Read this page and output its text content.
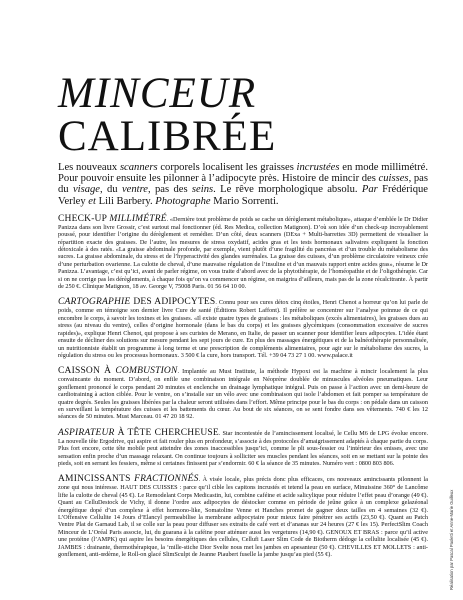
MINCEUR CALIBRÉE

Les nouveaux scanners corporels localisent les graisses incrustées en mode millimétré. Pour pouvoir ensuite les pilonner à l’adipocyte près. Histoire de mincir des cuisses, pas du visage, du ventre, pas des seins. Le rêve morphologique absolu. Par Frédérique Verley et Lili Barbery. Photographe Mario Sorrenti.

CHECK-UP MILLIMÉTRÉ. «Dernière tout problème de poids se cache un dérèglement métabolique», attaque d’emblée le Dr Didier Panizza dans son livre Grossir, c’est surtout mal fonctionner (éd. Res Medica, collection Matignon). D’où son idée d’un check-up incroyablement poussé, pour identifier l’origine du dérèglement et remédier. D’un côté, deux scanners (DExa + Multi-barrettes 3D) permettent de visualiser la répartition exacte des graisses. De l’autre, les mesures de stress oxydatif, acides gras et les tests hormonaux salivaires expliquent la fonction détoxicale à des ratés. «La graisse abdominale profonde, par exemple, vient plutôt d’une fragilité du pancréas et d’un trouble du métabolisme des sucres. La graisse abdominale, du stress et de l’hyperactivité des glandes surrénales. La graisse des cuisses, d’un problème circulatoire veineux crée d’une perturbation ovarienne. La culotte de cheval, d’une mauvaise régulation de l’insuline et d’un mauvais rapport entre acides gras», résume le Dr Panizza. L’avantage, c’est qu’ici, avant de parler régime, on vous traite d’abord avec de la phytothérapie, de l’homéopathie et de l’oligothérapie. Car si on ne corrige pas les dérèglements, à chaque fois qu’on va commencer un régime, on maigrira d’ailleurs, mais pas de la zone récalcitrante. À partir de 250 €. Clinique Matignon, 18 av. George V, 75008 Paris. 01 56 64 10 00.

CARTOGRAPHIE DES ADIPOCYTES. Connu pour ses cures détox cinq étoiles, Henri Chenot a horreur qu’on lui parle de poids, comme en témoigne son dernier livre Cure de santé (Éditions Robert Laffont). Il préfère se concentrer sur l’analyse poinnue de ce qui encombre le corps, à savoir les toxines et les graisses. «Il existe quatre types de graisses : les métaboliques (excès alimentaires), les graisses dues au stress (au niveau du ventre), celles d’origine hormonale (dans le bas du corps) et les graisses glycémiques (consommation excessive de sucres rapides)», explique Henri Chenot, qui propose à ses curistes de Merano, en Italie, de passer un scanner pour identifier leurs adipocytes. L’idée étant ensuite de décliner des solutions sur mesure pendant les sept jours de cure. En plus des massages énergétiques et de la balnéothérapie personnalisée, un nutritionniste établit un programme à long terme et une prescription de compléments alimentaires, pour agir sur le métabolisme des sucres, la régulation du stress ou les processus hormonaux. 3 500 € la cure, hors transport. Tél. +39 04 73 27 1 00. www.palace.it

CAISSON À COMBUSTION. Implantée au Must Institute, la méthode Hypoxi est la machine à mincir localement la plus convaincante du moment. D’abord, on enfile une combinaison intégrale en Néoprène doublée de minuscules alvéoles pneumatiques. Leur gonflement prononcé le corps pendant 20 minutes et enclenche un drainage lymphatique intégral. Puis on passe à l’action avec un demi-heure de cardiotraining à action ciblée. Pour le ventre, on s’installe sur un vélo avec une combinaison qui isole l’abdomen et fait pomper sa température de quatre degrés. Seules les graisses libérées par la chaleur seront utilisées dans l’effort. Même principe pour le bas du corps : on pédale dans un caisson en surveillant la température des cuisses et les battements du cœur. Au bout de six séances, on se sent fondre dans ses vêtements. 740 € les 12 séances de 50 minutes. Must Marceau. 01 47 20 18 92.

ASPIRATEUR À TÊTE CHERCHEUSE. Star incontestée de l’amincissement localisé, le Cellu M6 de LPG évolue encore. La nouvelle tête Ergodrive, qui aspire et fait rouler plus en profondeur, s’associe à des protocoles d’amaigrissement adaptés à chaque partie du corps. Plus fort encore, cette tête mobile peut atteindre des zones inaccessibles jusqu’ici, comme le pli sous-fessier ou l’intérieur des enisses, avec une sensation enfin proche d’un massage relaxant. On continue toujours à solliciter ses muscles pendant les séances, soit en se mettant sur la pointe des pieds, soit en serrant les fessiers, même si certaines finissent par s’endormir. 60 € la séance de 35 minutes. Numéro vert : 0800 803 806.

AMINCISSANTS FRACTIONNÉS. À visée locale, plus précis donc plus efficaces, ces nouveaux amincissants pilonnent la zone qui nous intéresse. HAUT DES CUISSES : parce qu’il cible les capitons incrustés et tetend la peau en surface, Minuissine 360° de Lancôme lifte la culotte de cheval (45 €). Le Remodelant Corps Medicastin, lui, combine caféine et acide salicylique pour réduire l’effet peau d’orange (49 €). Quant au CelluDestock de Vichy, il donne l’ordre aux adipocytes de déstocker comme en période de jeûne grâce à un complexe gelazéonal énergétique dopé d’un complexe à effet hormono-like, Somatoline Venne et Hanches promet de gagner deux tailles en 4 semaines (32 €). L’Offensive Cellulite 14 Jours d’Elancyl permeabilise la membrane adipocytaire pour mieux faire pénétrer ses actifs (23,50 €). Quant au Patch Ventre Plat de Garnaud Lab, il se colle sur la peau pour diffuser ses extraits de café vert et d’ananas sur 24 heures (27 € les 15). PerfectSlim Coach Minceur de L’Oréal Paris associe, lui, du guarana à la caféine pour atténuer aussi les vergetures (14,90 €). GENOUX ET BRAS : parce qu’il active une protéine (l’AMPK) qui aspire les besoins énergétiques des cellules, Cellufi Laser Slim Code de Biotherm dédoge la cellulite localisée (45 €). JAMBES : drainante, thermothérapique, la ‘mille-stiche Dior Svelte nous met les jambes en apesanteur (50 €). CHEVILLES ET MOLLETS : anti-gonflement, anti-œdème, le Roll-on glacé SlimSculpt de Jeanne Piaubert fuselle la jambe jusqu’au pied (55 €).	Réalisation par Pascal Paoletti et Anne-Marie Guilleux
